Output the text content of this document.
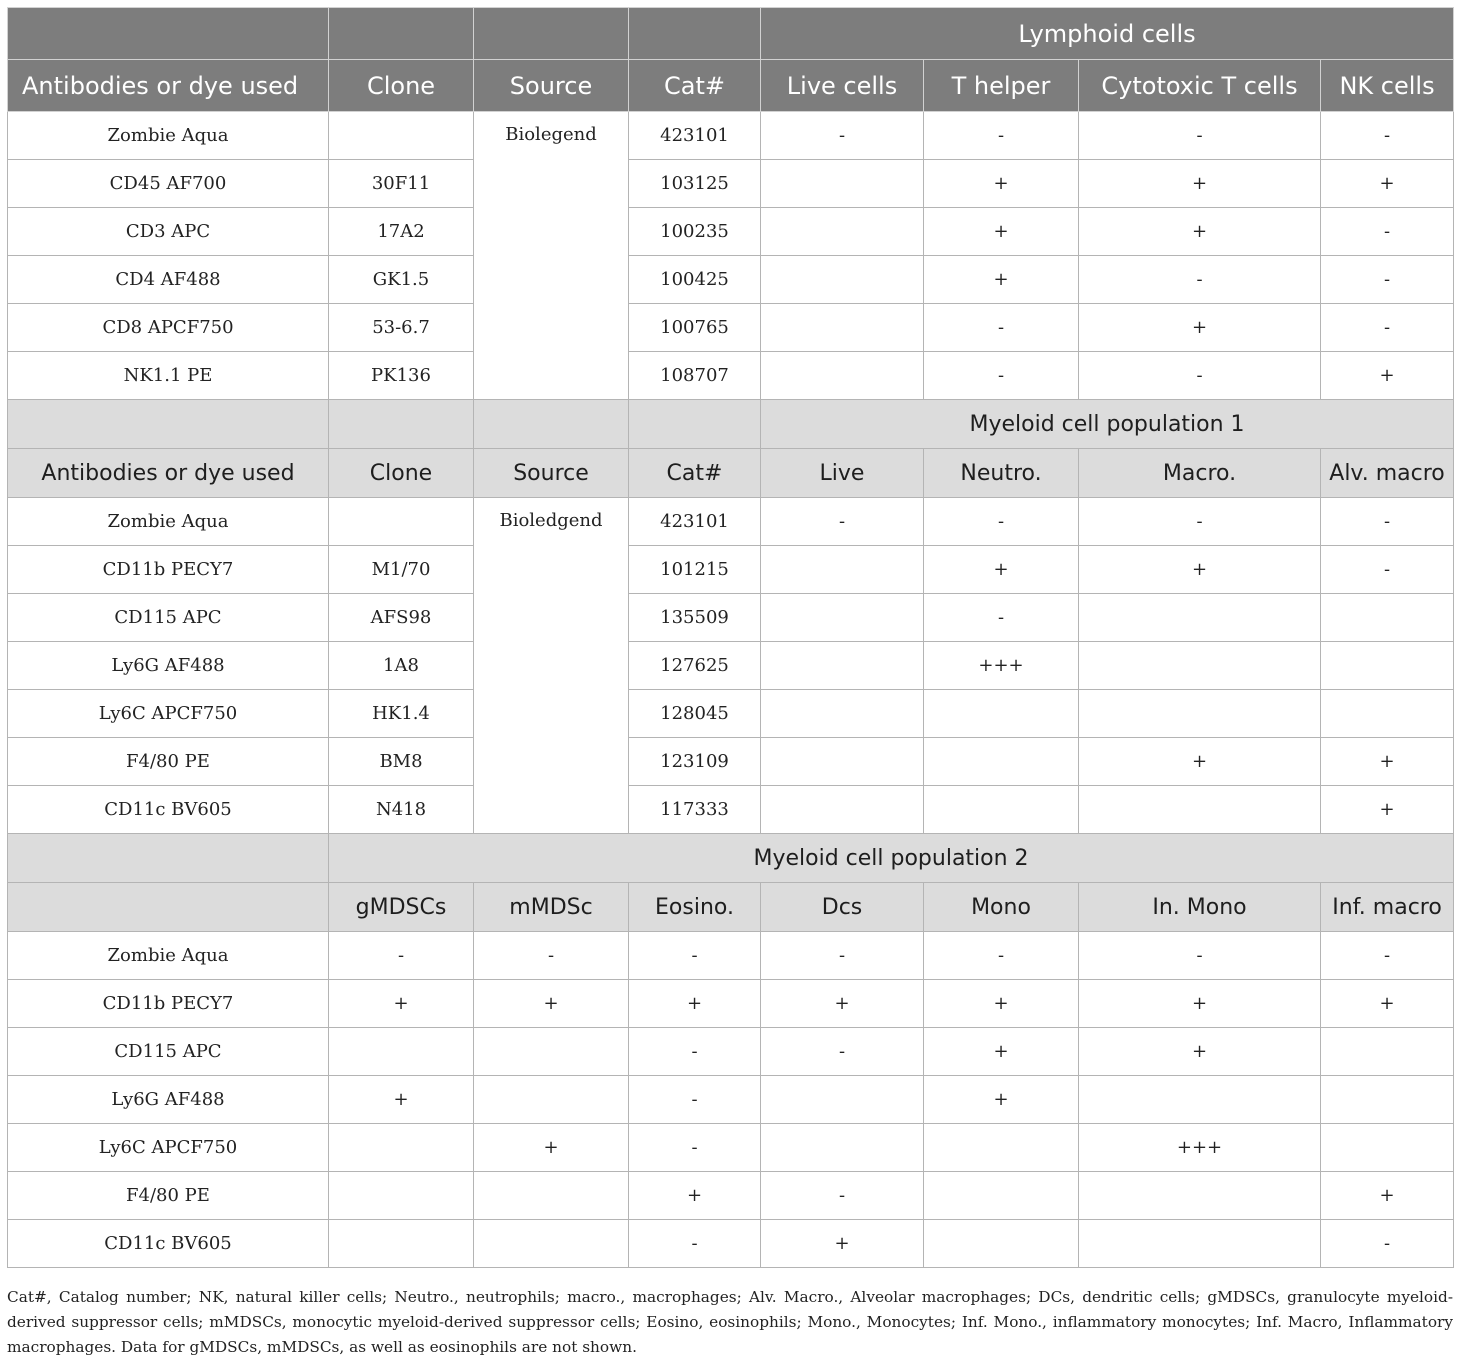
				Lymphoid cells			
Antibodies or dye used	Clone	Source	Cat#	Live cells	T helper	Cytotoxic T cells	NK cells
Zombie Aqua		Biolegend	423101	-	-	-	-
CD45 AF700	30F11		103125		+	+	+
CD3 APC	17A2		100235		+	+	-
CD4 AF488	GK1.5		100425		+	-	-
CD8 APCF750	53-6.7		100765		-	+	-
NK1.1 PE	PK136		108707		-	-	+
				Myeloid cell population 1			
Antibodies or dye used	Clone	Source	Cat#	Live	Neutro.	Macro.	Alv. macro
Zombie Aqua		Bioledgend	423101	-	-	-	-
CD11b PECY7	M1/70		101215		+	+	-
CD115 APC	AFS98		135509		-		
Ly6G AF488	1A8		127625		+++		
Ly6C APCF750	HK1.4		128045				
F4/80 PE	BM8		123109			+	+
CD11c BV605	N418		117333				+
	Myeloid cell population 2						
	gMDSCs	mMDSc	Eosino.	Dcs	Mono	In. Mono	Inf. macro
Zombie Aqua	-	-	-	-	-	-	-
CD11b PECY7	+	+	+	+	+	+	+
CD115 APC			-	-	+	+	
Ly6G AF488	+		-		+		
Ly6C APCF750		+	-			+++	
F4/80 PE			+	-			+
CD11c BV605			-	+			-
Cat#, Catalog number; NK, natural killer cells; Neutro., neutrophils; macro., macrophages; Alv. Macro., Alveolar macrophages; DCs, dendritic cells; gMDSCs, granulocyte myeloid-derived suppressor cells; mMDSCs, monocytic myeloid-derived suppressor cells; Eosino, eosinophils; Mono., Monocytes; Inf. Mono., inflammatory monocytes; Inf. Macro, Inflammatory macrophages. Data for gMDSCs, mMDSCs, as well as eosinophils are not shown.
